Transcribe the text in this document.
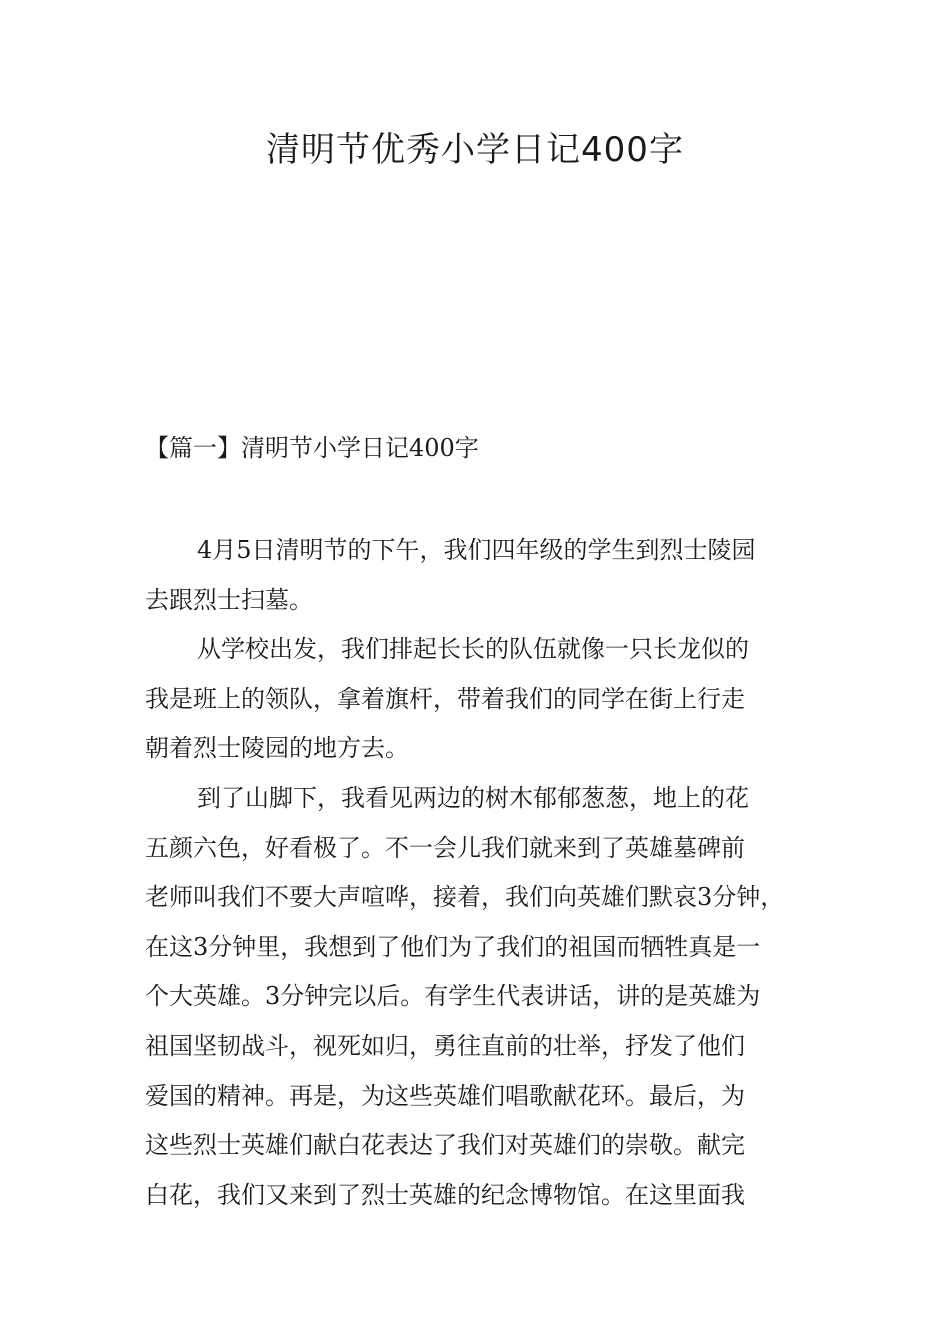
清明节优秀小学日记400字
【篇一】清明节小学日记400字
4月5日清明节的下午，我们四年级的学生到烈士陵园
去跟烈士扫墓。
从学校出发，我们排起长长的队伍就像一只长龙似的
我是班上的领队，拿着旗杆，带着我们的同学在街上行走
朝着烈士陵园的地方去。
到了山脚下，我看见两边的树木郁郁葱葱，地上的花
五颜六色，好看极了。不一会儿我们就来到了英雄墓碑前
老师叫我们不要大声喧哗，接着，我们向英雄们默哀3分钟，
在这3分钟里，我想到了他们为了我们的祖国而牺牲真是一
个大英雄。3分钟完以后。有学生代表讲话，讲的是英雄为
祖国坚韧战斗，视死如归，勇往直前的壮举，抒发了他们
爱国的精神。再是，为这些英雄们唱歌献花环。最后，为
这些烈士英雄们献白花表达了我们对英雄们的崇敬。献完
白花，我们又来到了烈士英雄的纪念博物馆。在这里面我
